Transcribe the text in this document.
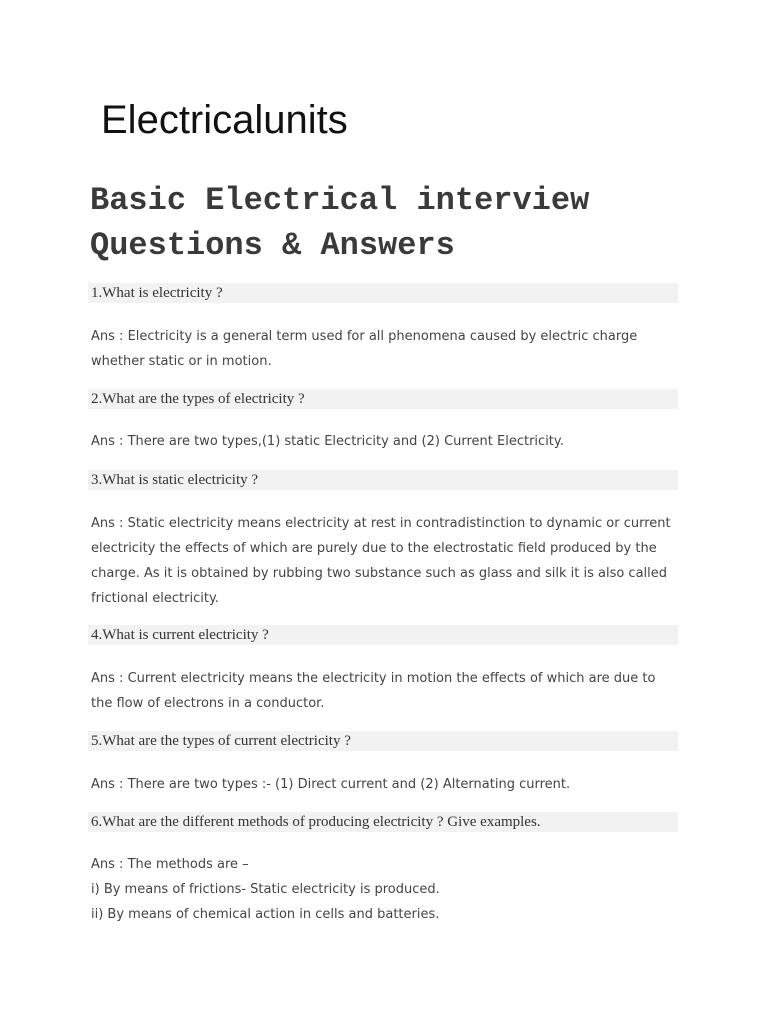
Electricalunits
Basic Electrical interview
Questions & Answers
1.What is electricity ?

Ans : Electricity is a general term used for all phenomena caused by electric charge
whether static or in motion.

2.What are the types of electricity ?

Ans : There are two types,(1) static Electricity and (2) Current Electricity.

3.What is static electricity ?

Ans : Static electricity means electricity at rest in contradistinction to dynamic or current
electricity the effects of which are purely due to the electrostatic field produced by the
charge. As it is obtained by rubbing two substance such as glass and silk it is also called
frictional electricity.

4.What is current electricity ?

Ans : Current electricity means the electricity in motion the effects of which are due to
the flow of electrons in a conductor.

5.What are the types of current electricity ?

Ans : There are two types :- (1) Direct current and (2) Alternating current.

6.What are the different methods of producing electricity ? Give examples.

Ans : The methods are –
i) By means of frictions- Static electricity is produced.
ii) By means of chemical action in cells and batteries.
